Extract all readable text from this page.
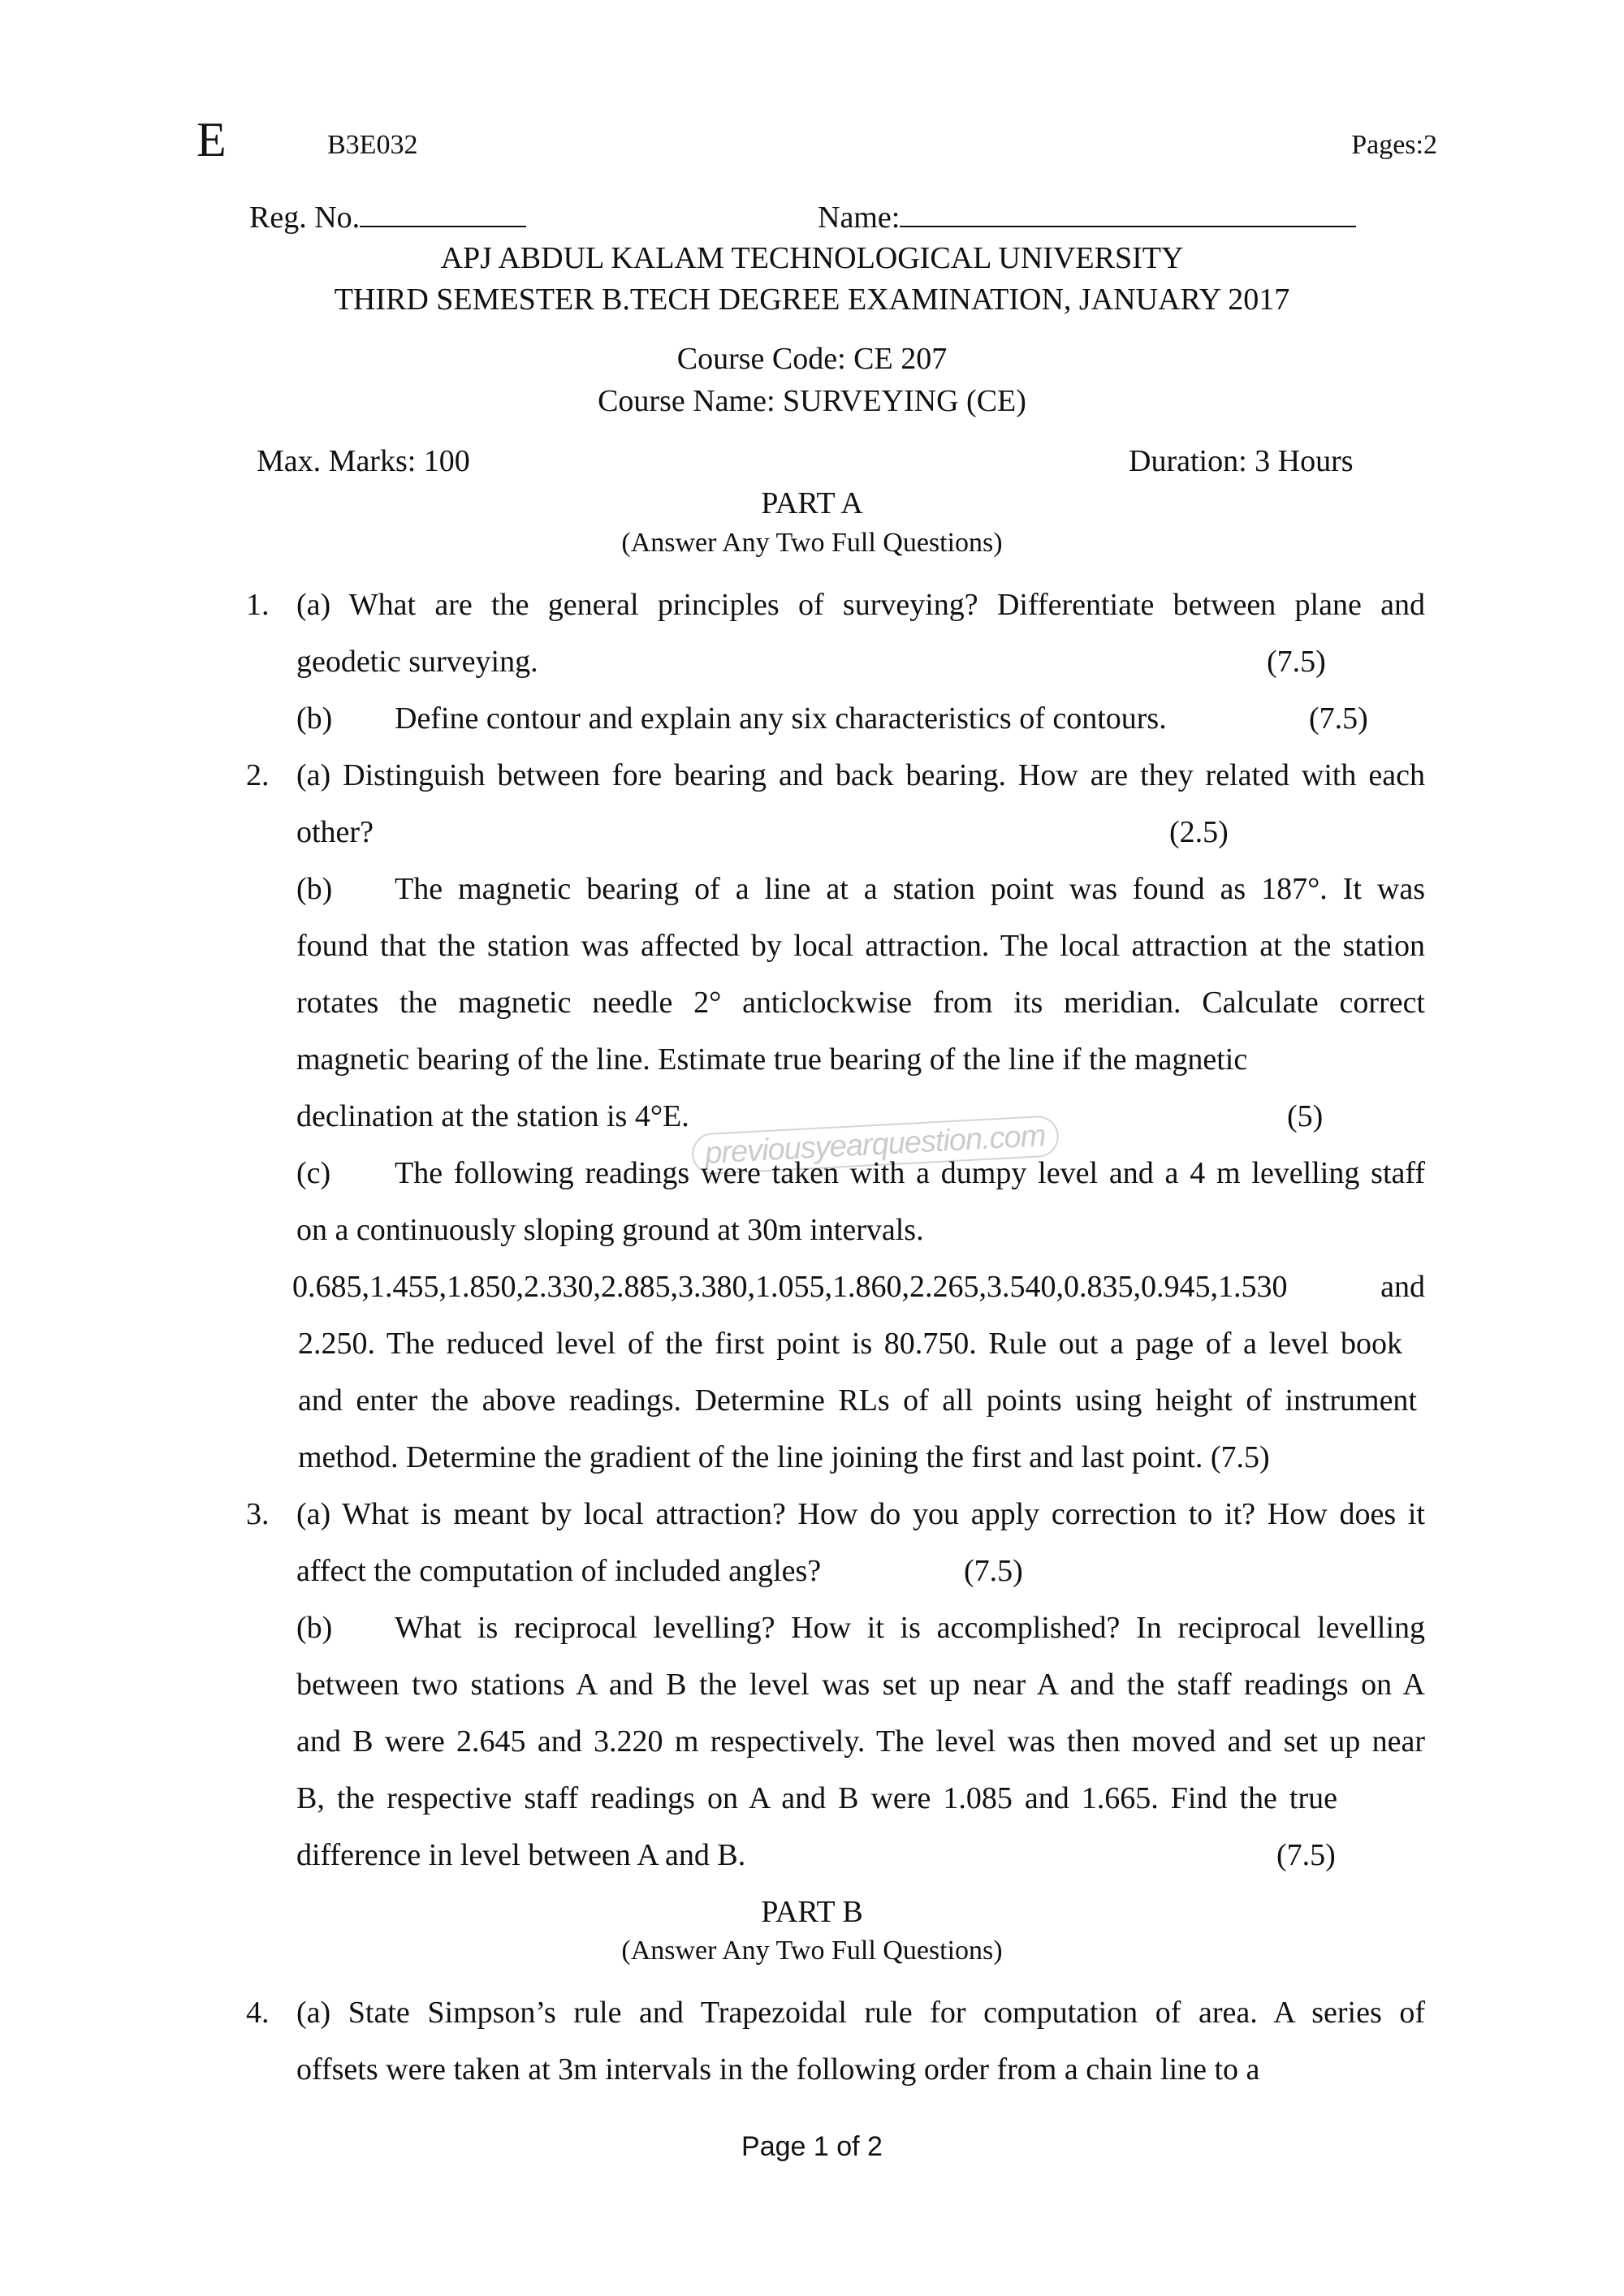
E	B3E032	Pages:2
Reg. No.	Name:
APJ ABDUL KALAM TECHNOLOGICAL UNIVERSITY
THIRD SEMESTER B.TECH DEGREE EXAMINATION, JANUARY 2017
Course Code: CE 207
Course Name: SURVEYING (CE)
Max. Marks: 100	Duration: 3 Hours
PART A
(Answer Any Two Full Questions)
1. (a) What are the general principles of surveying? Differentiate between plane and
geodetic surveying.	(7.5)
(b) Define contour and explain any six characteristics of contours.	(7.5)
2. (a) Distinguish between fore bearing and back bearing. How are they related with each
other?	(2.5)
(b) The magnetic bearing of a line at a station point was found as 187°. It was
found that the station was affected by local attraction. The local attraction at the station
rotates the magnetic needle 2° anticlockwise from its meridian. Calculate correct
magnetic bearing of the line. Estimate true bearing of the line if the magnetic
declination at the station is 4°E.	(5)
previousyearquestion.com
(c) The following readings were taken with a dumpy level and a 4 m levelling staff
on a continuously sloping ground at 30m intervals.
0.685,1.455,1.850,2.330,2.885,3.380,1.055,1.860,2.265,3.540,0.835,0.945,1.530 and
2.250. The reduced level of the first point is 80.750. Rule out a page of a level book
and enter the above readings. Determine RLs of all points using height of instrument
method. Determine the gradient of the line joining the first and last point. (7.5)
3. (a) What is meant by local attraction? How do you apply correction to it? How does it
affect the computation of included angles?	(7.5)
(b) What is reciprocal levelling? How it is accomplished? In reciprocal levelling
between two stations A and B the level was set up near A and the staff readings on A
and B were 2.645 and 3.220 m respectively. The level was then moved and set up near
B, the respective staff readings on A and B were 1.085 and 1.665. Find the true
difference in level between A and B.	(7.5)
PART B
(Answer Any Two Full Questions)
4. (a) State Simpson’s rule and Trapezoidal rule for computation of area. A series of
offsets were taken at 3m intervals in the following order from a chain line to a
Page 1 of 2
